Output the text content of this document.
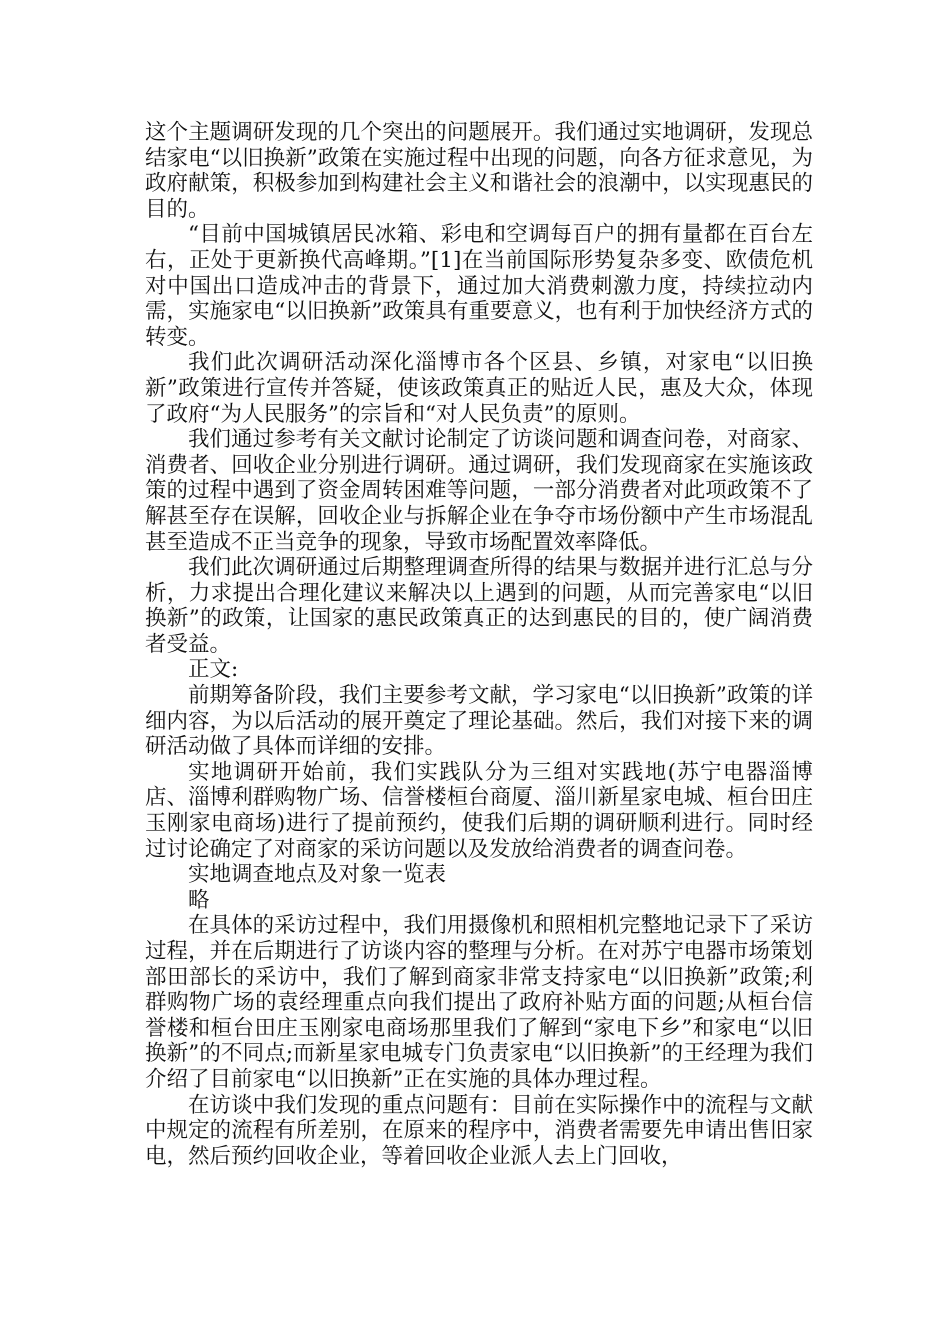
这个主题调研发现的几个突出的问题展开。我们通过实地调研，发现总结家电“以旧换新”政策在实施过程中出现的问题，向各方征求意见，为政府献策，积极参加到构建社会主义和谐社会的浪潮中，以实现惠民的目的。

“目前中国城镇居民冰箱、彩电和空调每百户的拥有量都在百台左右，正处于更新换代高峰期。”[1]在当前国际形势复杂多变、欧债危机对中国出口造成冲击的背景下，通过加大消费刺激力度，持续拉动内需，实施家电“以旧换新”政策具有重要意义，也有利于加快经济方式的转变。

我们此次调研活动深化淄博市各个区县、乡镇，对家电“以旧换新”政策进行宣传并答疑，使该政策真正的贴近人民，惠及大众，体现了政府“为人民服务”的宗旨和“对人民负责”的原则。

我们通过参考有关文献讨论制定了访谈问题和调查问卷，对商家、消费者、回收企业分别进行调研。通过调研，我们发现商家在实施该政策的过程中遇到了资金周转困难等问题，一部分消费者对此项政策不了解甚至存在误解，回收企业与拆解企业在争夺市场份额中产生市场混乱甚至造成不正当竞争的现象，导致市场配置效率降低。

我们此次调研通过后期整理调查所得的结果与数据并进行汇总与分析，力求提出合理化建议来解决以上遇到的问题，从而完善家电“以旧换新”的政策，让国家的惠民政策真正的达到惠民的目的，使广阔消费者受益。

正文:

前期筹备阶段，我们主要参考文献，学习家电“以旧换新”政策的详细内容，为以后活动的展开奠定了理论基础。然后，我们对接下来的调研活动做了具体而详细的安排。

实地调研开始前，我们实践队分为三组对实践地(苏宁电器淄博店、淄博利群购物广场、信誉楼桓台商厦、淄川新星家电城、桓台田庄玉刚家电商场)进行了提前预约，使我们后期的调研顺利进行。同时经过讨论确定了对商家的采访问题以及发放给消费者的调查问卷。

实地调查地点及对象一览表

略

在具体的采访过程中，我们用摄像机和照相机完整地记录下了采访过程，并在后期进行了访谈内容的整理与分析。在对苏宁电器市场策划部田部长的采访中，我们了解到商家非常支持家电“以旧换新”政策;利群购物广场的袁经理重点向我们提出了政府补贴方面的问题;从桓台信誉楼和桓台田庄玉刚家电商场那里我们了解到“家电下乡”和家电“以旧换新”的不同点;而新星家电城专门负责家电“以旧换新”的王经理为我们介绍了目前家电“以旧换新”正在实施的具体办理过程。

在访谈中我们发现的重点问题有：目前在实际操作中的流程与文献中规定的流程有所差别，在原来的程序中，消费者需要先申请出售旧家电，然后预约回收企业，等着回收企业派人去上门回收，
